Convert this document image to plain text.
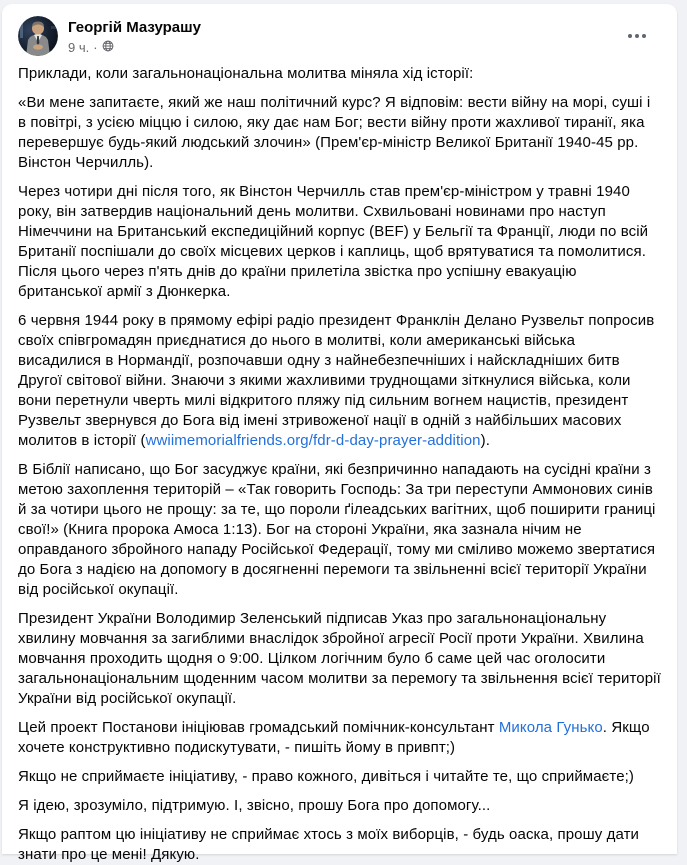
Георгій Мазурашу
9 ч. ·
Приклади, коли загальнонаціональна молитва міняла хід історії:
«Ви мене запитаєте, який же наш політичний курс? Я відповім: вести війну на морі, суші і в повітрі, з усією міццю і силою, яку дає нам Бог; вести війну проти жахливої тиранії, яка перевершує будь-який людський злочин» (Прем'єр-міністр Великої Британії 1940-45 рр. Вінстон Черчилль).
Через чотири дні після того, як Вінстон Черчилль став прем'єр-міністром у травні 1940 року, він затвердив національний день молитви. Схвильовані новинами про наступ Німеччини на Британський експедиційний корпус (BEF) у Бельгії та Франції, люди по всій Британії поспішали до своїх місцевих церков і каплиць, щоб врятуватися та помолитися. Після цього через п'ять днів до країни прилетіла звістка про успішну евакуацію британської армії з Дюнкерка.
6 червня 1944 року в прямому ефірі радіо президент Франклін Делано Рузвельт попросив своїх співгромадян приєднатися до нього в молитві, коли американські війська висадилися в Нормандії, розпочавши одну з найнебезпечніших і найскладніших битв Другої світової війни. Знаючи з якими жахливими труднощами зіткнулися війська, коли вони перетнули чверть милі відкритого пляжу під сильним вогнем нацистів, президент Рузвельт звернувся до Бога від імені зтривоженої нації в одній з найбільших масових молитов в історії (wwiimemorialfriends.org/fdr-d-day-prayer-addition).
В Біблії написано, що Бог засуджує країни, які безпричинно нападають на сусідні країни з метою захоплення територій – «Так говорить Господь: За три переступи Аммонових синів й за чотири цього не прощу: за те, що пороли ґілеадських вагітних, щоб поширити границі свої!» (Книга пророка Амоса 1:13). Бог на стороні України, яка зазнала нічим не оправданого збройного нападу Російської Федерації, тому ми сміливо можемо звертатися до Бога з надією на допомогу в досягненні перемоги та звільненні всієї території України від російської окупації.
Президент України Володимир Зеленський підписав Указ про загальнонаціональну хвилину мовчання за загиблими внаслідок збройної агресії Росії проти України. Хвилина мовчання проходить щодня о 9:00. Цілком логічним було б саме цей час оголосити загальнонаціональним щоденним часом молитви за перемогу та звільнення всієї території України від російської окупації.
Цей проект Постанови ініціював громадський помічник-консультант Микола Гунько. Якщо хочете конструктивно подискутувати, - пишіть йому в привпт;)
Якщо не сприймаєте ініціативу, - право кожного, дивіться і читайте те, що сприймаєте;)
Я ідею, зрозуміло, підтримую. І, звісно, прошу Бога про допомогу...
Якщо раптом цю ініціативу не сприймає хтось з моїх виборців, - будь оаска, прошу дати знати про це мені! Дякую.
